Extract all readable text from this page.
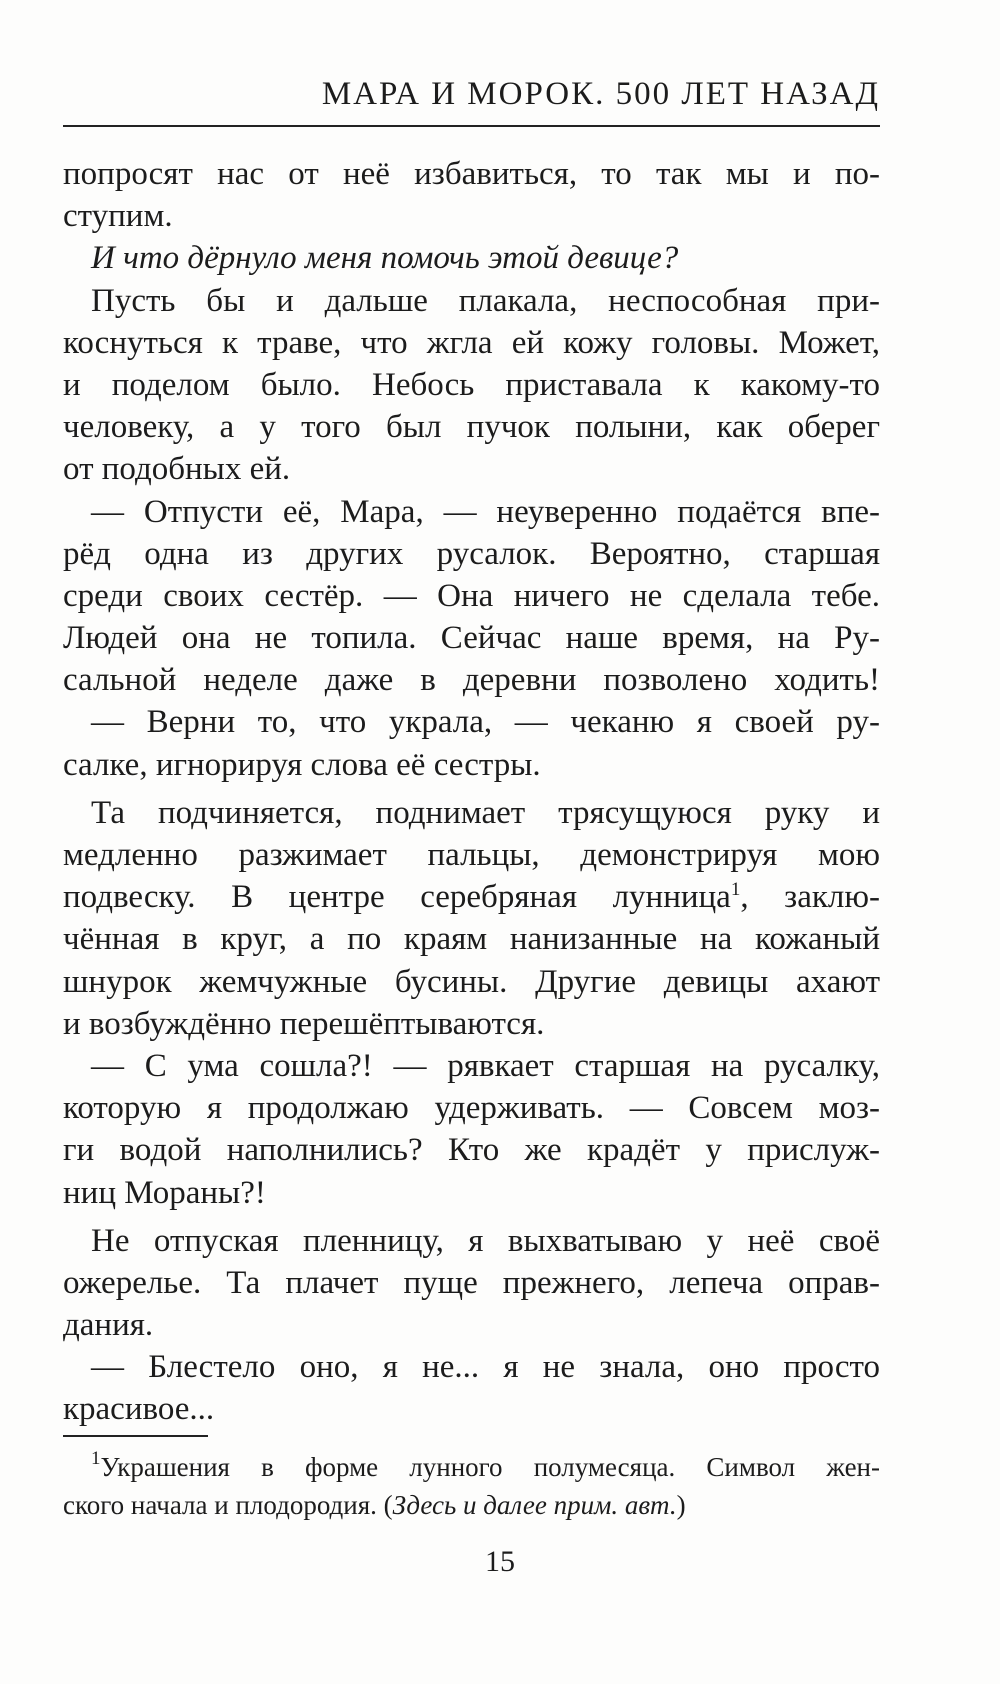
МАРА И МОРОК. 500 ЛЕТ НАЗАД
попросят нас от неё избавиться, то так мы и по-
ступим.
И что дёрнуло меня помочь этой девице?
Пусть бы и дальше плакала, неспособная при-
коснуться к траве, что жгла ей кожу головы. Может,
и поделом было. Небось приставала к какому-то
человеку, а у того был пучок полыни, как оберег
от подобных ей.
— Отпусти её, Мара, — неуверенно подаётся впе-
рёд одна из других русалок. Вероятно, старшая
среди своих сестёр. — Она ничего не сделала тебе.
Людей она не топила. Сейчас наше время, на Ру-
сальной неделе даже в деревни позволено ходить!
— Верни то, что украла, — чеканю я своей ру-
салке, игнорируя слова её сестры.
Та подчиняется, поднимает трясущуюся руку и
медленно разжимает пальцы, демонстрируя мою
подвеску. В центре серебряная лунница$^1$, заклю-
чённая в круг, а по краям нанизанные на кожаный
шнурок жемчужные бусины. Другие девицы ахают
и возбуждённо перешёптываются.
— С ума сошла?! — рявкает старшая на русалку,
которую я продолжаю удерживать. — Совсем моз-
ги водой наполнились? Кто же крадёт у прислуж-
ниц Мораны?!
Не отпуская пленницу, я выхватываю у неё своё
ожерелье. Та плачет пуще прежнего, лепеча оправ-
дания.
— Блестело оно, я не... я не знала, оно просто
красивое...
$^1$Украшения в форме лунного полумесяца. Символ жен-
ского начала и плодородия. (Здесь и далее прим. авт.)
15
